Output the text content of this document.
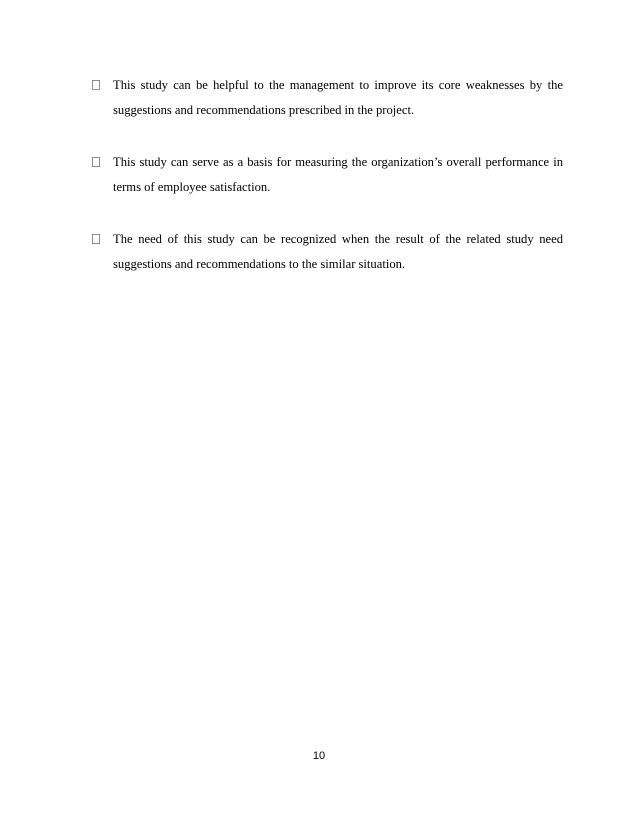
This study can be helpful to the management to improve its core weaknesses by the suggestions and recommendations prescribed in the project.
This study can serve as a basis for measuring the organization’s overall performance in terms of employee satisfaction.
The need of this study can be recognized when the result of the related study need suggestions and recommendations to the similar situation.
10
